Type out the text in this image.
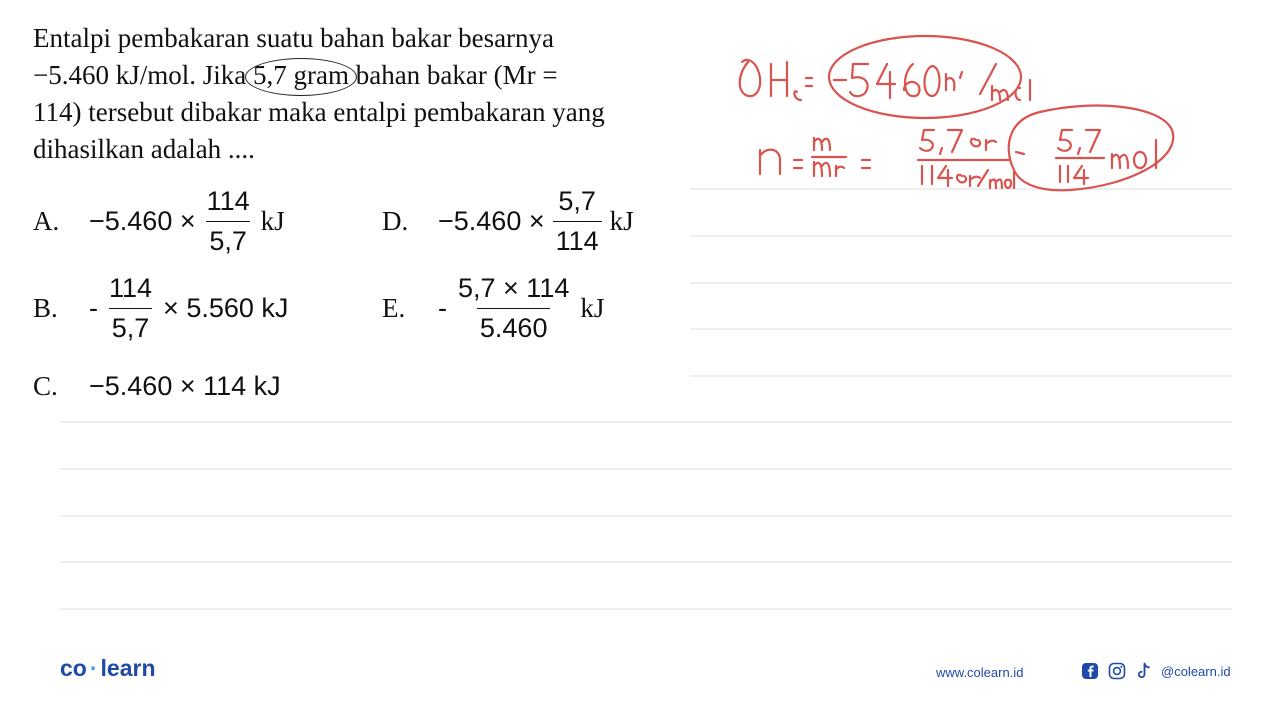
Entalpi pembakaran suatu bahan bakar besarnya
−5.460 kJ/mol. Jika 5,7 gram bahan bakar (Mr =
114) tersebut dibakar maka entalpi pembakaran yang
dihasilkan adalah ....
A.	$-5.460 \times \frac{114}{5,7}$ kJ	D.	$-5.460 \times \frac{5,7}{114}$ kJ
B.	- $\frac{114}{5,7} \times 5.560$ kJ	E.	- $\frac{5,7 \times 114}{5.460}$ kJ
C.	−5.460 × 114 kJ
co · learn	www.colearn.id	@colearn.id
